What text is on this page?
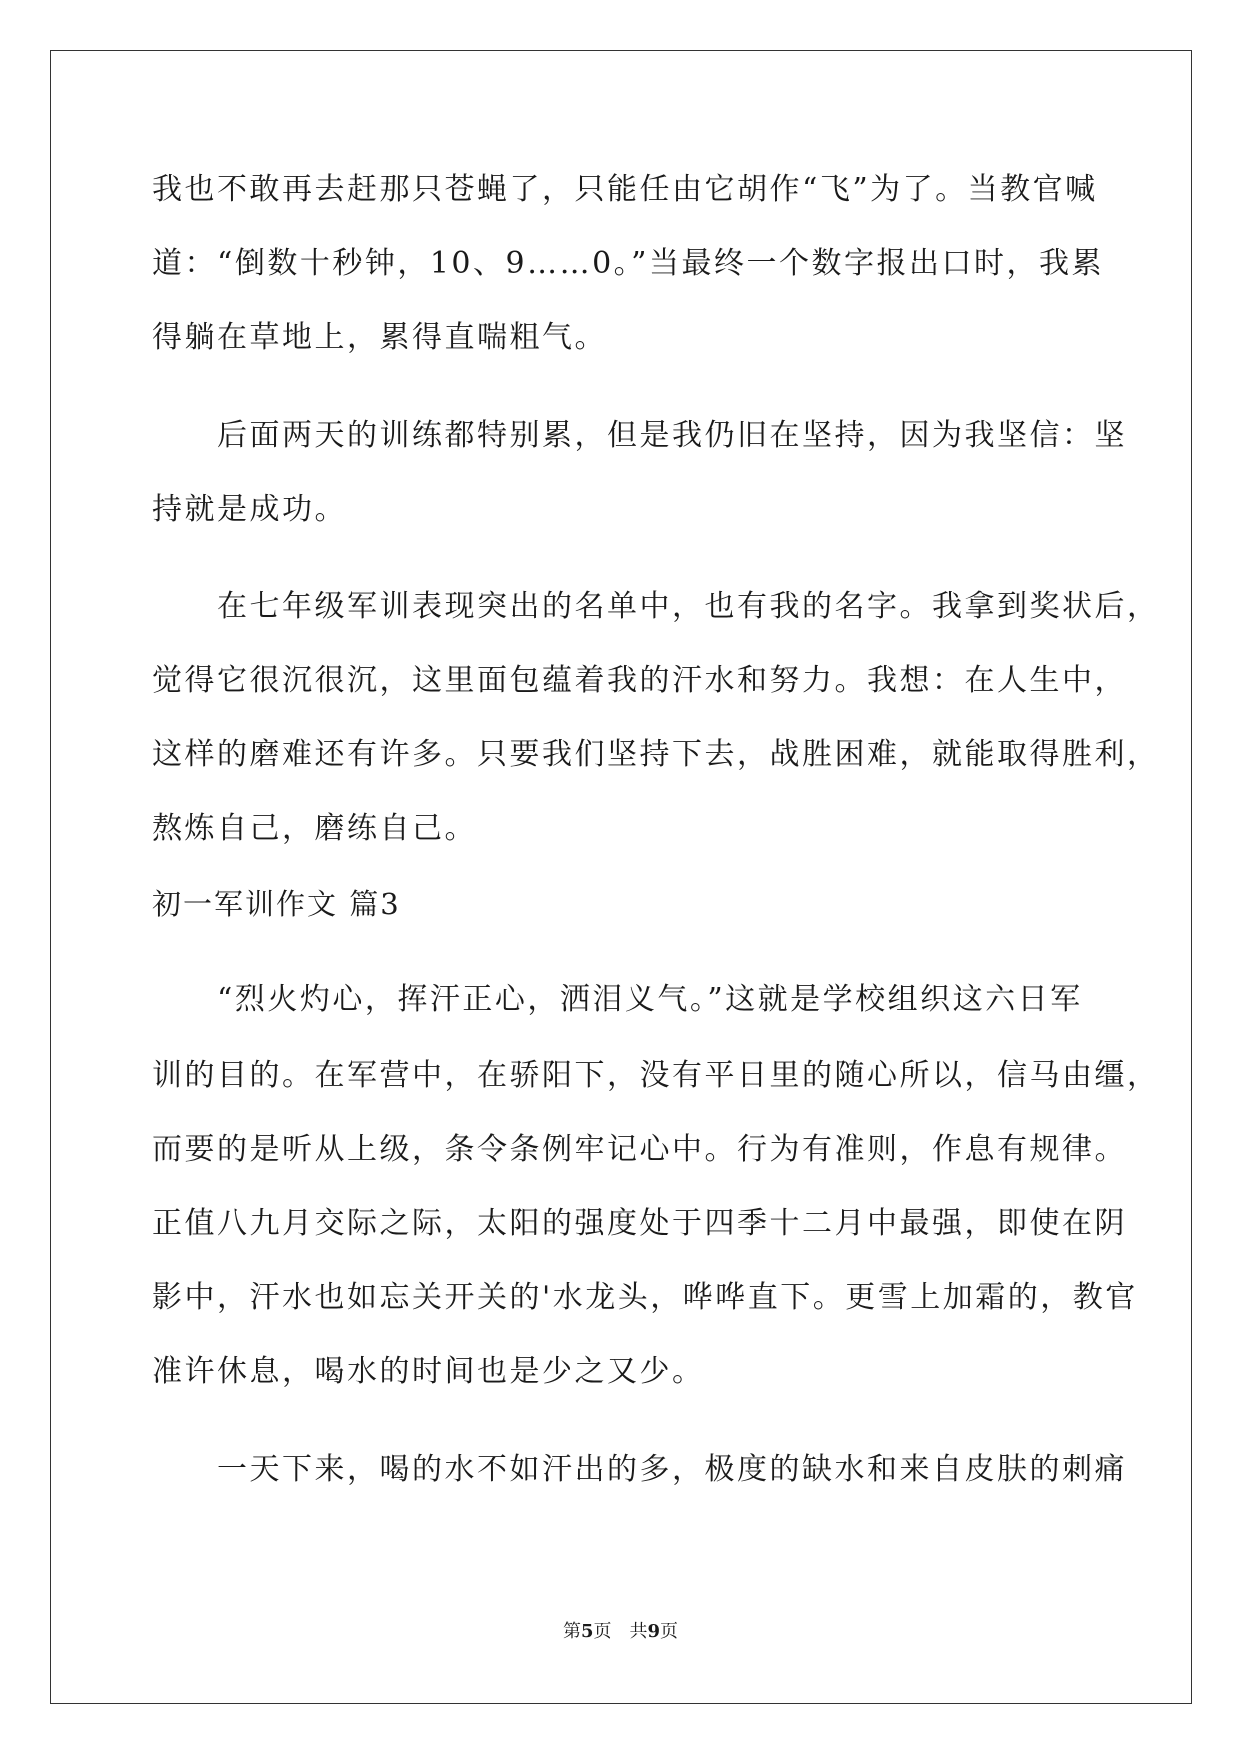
我也不敢再去赶那只苍蝇了，只能任由它胡作“飞”为了。当教官喊
道：“倒数十秒钟，10、9……0。”当最终一个数字报出口时，我累
得躺在草地上，累得直喘粗气。
　　后面两天的训练都特别累，但是我仍旧在坚持，因为我坚信：坚
持就是成功。
　　在七年级军训表现突出的名单中，也有我的名字。我拿到奖状后，
觉得它很沉很沉，这里面包蕴着我的汗水和努力。我想：在人生中，
这样的磨难还有许多。只要我们坚持下去，战胜困难，就能取得胜利，
熬炼自己，磨练自己。
初一军训作文 篇3
　　“烈火灼心，挥汗正心，洒泪义气。”这就是学校组织这六日军
训的目的。在军营中，在骄阳下，没有平日里的随心所以，信马由缰，
而要的是听从上级，条令条例牢记心中。行为有准则，作息有规律。
正值八九月交际之际，太阳的强度处于四季十二月中最强，即使在阴
影中，汗水也如忘关开关的'水龙头，哗哗直下。更雪上加霜的，教官
准许休息，喝水的时间也是少之又少。
　　一天下来，喝的水不如汗出的多，极度的缺水和来自皮肤的刺痛
第5页　共9页
